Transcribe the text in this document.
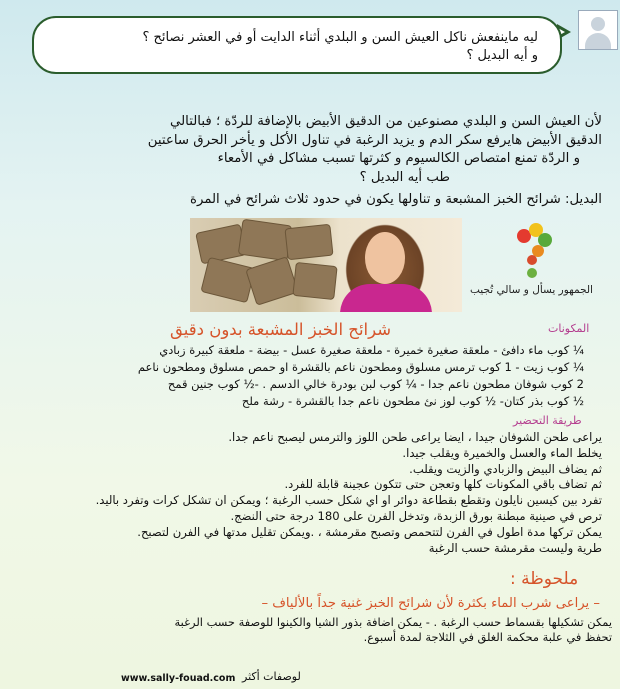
ليه ماينفعش ناكل العيش السن و البلدي أثناء الدايت أو في العشر نصائح ؟
و أيه البديل ؟
لأن العيش السن و البلدي مصنوعين من الدقيق الأبيض بالإضافة للردّة ؛ فبالتالي
الدقيق الأبيض هايرفع سكر الدم و يزيد الرغبة في تناول الأكل و يأخر الحرق ساعتين
و الردّة تمنع امتصاص الكالسيوم و كثرتها تسبب مشاكل في الأمعاء
طب أيه البديل ؟
البديل: شرائح الخبز المشبعة و تناولها يكون في حدود ثلاث شرائح في المرة
الجمهور يسأل و سالي تُجيب
شرائح الخبز المشبعة بدون دقيق	المكونات
¼ كوب ماء دافئ - ملعقة صغيرة خميرة - ملعقة صغيرة عسل - بيضة - ملعقة كبيرة زبادي
¼ كوب زيت - 1 كوب ترمس مسلوق ومطحون ناعم بالقشرة او حمص مسلوق ومطحون ناعم
2 كوب شوفان مطحون ناعم جدا - ¼ كوب لبن بودرة خالي الدسم . -½ كوب جنين قمح
½ كوب بذر كتان- ½ كوب لوز نئ مطحون ناعم جدا بالقشرة - رشة ملح
طريقة التحضير
يراعى طحن الشوفان جيدا ، ايضا يراعى طحن اللوز والترمس ليصبح ناعم جدا.
يخلط الماء والعسل والخميرة ويقلب جيدا.
ثم يضاف البيض والزبادي والزيت ويقلب.
ثم تضاف باقي المكونات كلها وتعجن حتى تتكون عجينة قابلة للفرد.
تفرد بين كيسين نايلون وتقطع بقطاعة دوائر او اي شكل حسب الرغبة ؛ ويمكن ان تشكل كرات وتفرد باليد.
ترص في صينية مبطنة بورق الزبدة، وتدخل الفرن على 180 درجة حتى النضج.
يمكن تركها مدة اطول في الفرن لتتحمص وتصبح مقرمشة ، .ويمكن تقليل مدتها في الفرن لتصبح.
طرية وليست مقرمشة حسب الرغبة
ملحوظة :
– يراعى شرب الماء بكثرة لأن شرائح الخبز غنية جداً بالألياف –
يمكن تشكيلها بقسماط حسب الرغبة . - يمكن اضافة بذور الشيا والكينوا للوصفة حسب الرغبة
تحفظ في علبة محكمة الغلق في الثلاجة لمدة أسبوع.
www.sally-fouad.com لوصفات أكثر
